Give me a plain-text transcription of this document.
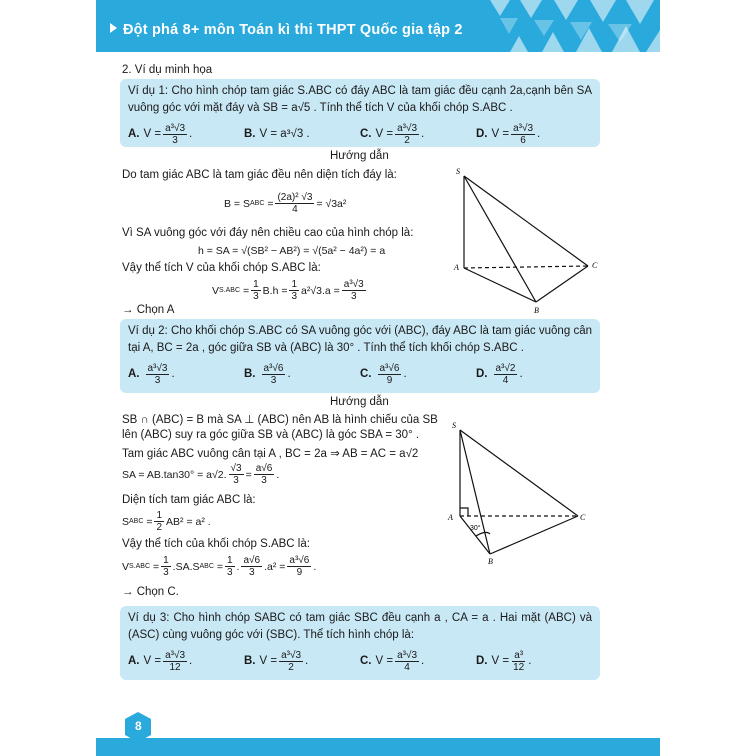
Đột phá 8+ môn Toán kì thi THPT Quốc gia tập 2
2. Ví dụ minh họa

Ví dụ 1: Cho hình chóp tam giác S.ABC có đáy ABC là tam giác đều cạnh 2a,cạnh bên SA vuông góc với mặt đáy và SB = a√5 . Tính thể tích V của khối chóp S.ABC .

A. $V = \frac{\text{a³√3}}{3}$ .	B. V = a³√3 .	C. $V = \frac{\text{a³√3}}{2}$ .	D. $V = \frac{\text{a³√3}}{6}$ .
Hướng dẫn
Do tam giác ABC là tam giác đều nên diện tích đáy là:
B = S ABC
= $\frac{\text{(2a)² √3}}{4} = √3a^2$
Vì SA vuông góc với đáy nên chiều cao của hình chóp là:
h = SA = √(SB² − AB²) = √(5a² − 4a²) = a
Vậy thể tích V của khối chóp S.ABC là:
V S.ABC
= $\frac{1}{3} B.h = \frac{1}{3} a^2√3.a = \frac{\text{a³√3}}{3}$
→ Chọn A
S
A	C
B

Ví dụ 2: Cho khối chóp S.ABC có SA vuông góc với (ABC), đáy ABC là tam giác vuông cân tại A, BC = 2a , góc giữa SB và (ABC) là 30° . Tính thể tích khối chóp S.ABC .

A. $\frac{\text{a³√3}}{3}$ .	B. $\frac{\text{a³√6}}{3}$ .	C. $\frac{\text{a³√6}}{9}$ .	D. $\frac{\text{a³√2}}{4}$ .
Hướng dẫn
SB ∩ (ABC) = B mà SA ⊥ (ABC) nên AB là hình chiếu của SB
lên (ABC) suy ra góc giữa SB và (ABC) là góc SBA = 30° .
Tam giác ABC vuông cân tại A , BC = 2a ⇒ AB = AC = a√2
SA = AB.tan30° = a√2. $\frac{√3}{3} = \frac{a√6}{3}$ .
Diện tích tam giác ABC là:
S ABC
= $\frac{1}{2} AB^2 = a^2$ .
Vậy thể tích của khối chóp S.ABC là:
V S.ABC
= $\frac{1}{3} .SA.S$ ABC
= $\frac{1}{3}$ . $\frac{a√6}{3} .a^2 = \frac{\text{a³√6}}{9}$ .
→ Chọn C.
S
A	C
B
30°

Ví dụ 3: Cho hình chóp SABC có tam giác SBC đều cạnh a , CA = a . Hai mặt (ABC) và (ASC) cùng vuông góc với (SBC). Thể tích hình chóp là:

A. $V = \frac{\text{a³√3}}{12}$ .	B. $V = \frac{\text{a³√3}}{2}$ .	C. $V = \frac{\text{a³√3}}{4}$ .	D. $V = \frac{\text{a³}}{12}$ .
8
